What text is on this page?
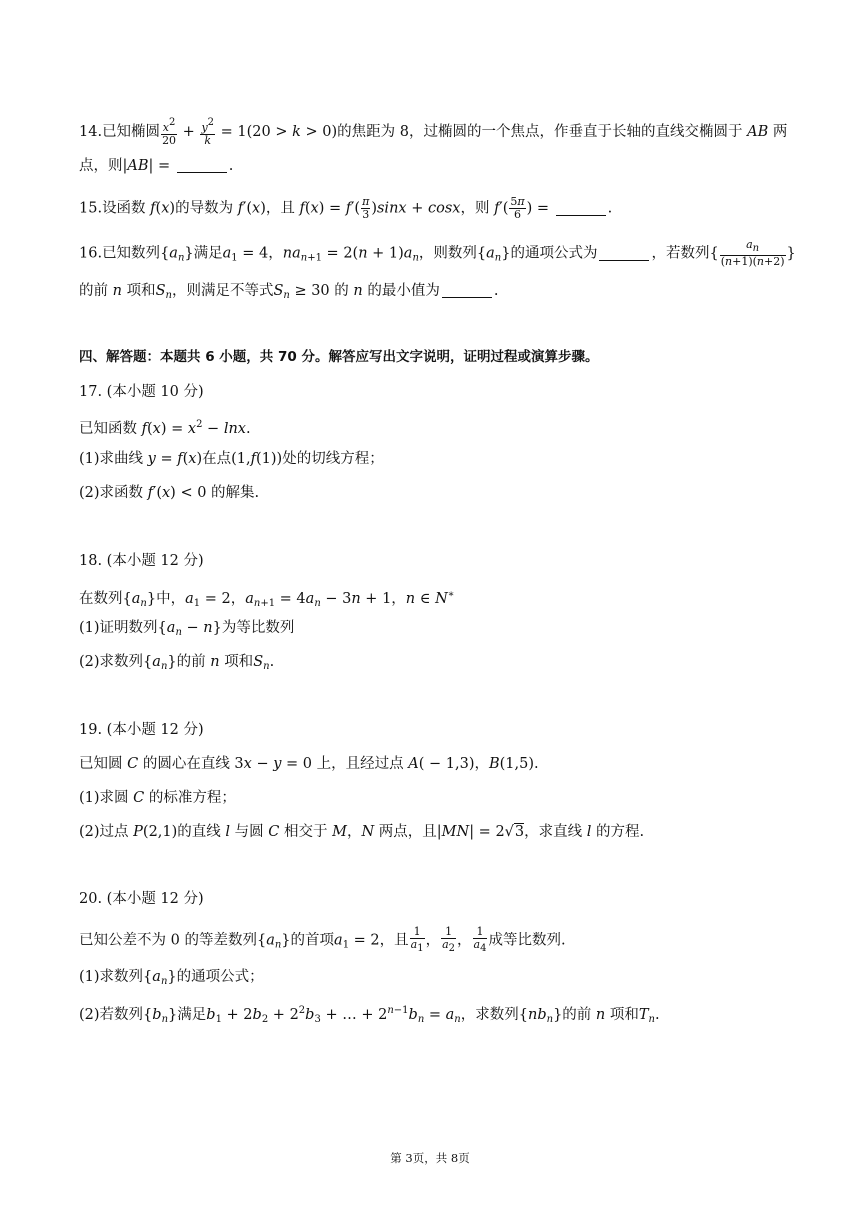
14.已知椭圆 $\frac{x^2}{20} + \frac{y^2}{k} = 1(20 > k > 0)$的焦距为 8，过椭圆的一个焦点，作垂直于长轴的直线交椭圆于 AB 两
点，则|AB| =	.
15.设函数 f(x)的导数为 f′(x)，且 $f(x) = f'( \frac{\pi}{3} )\sin x + \cos x$，则 $f'( \frac{5\pi}{6}$ ) =	.
16.已知数列$\{a_n\}$满足$a_1 = 4$，$na_{n+1} = 2(n + 1)a_n$，则数列$\{a_n\}$的通项公式为	，若数列{ $\frac{a_n}{(n+1)(n+2)}$ }
的前 n 项和$S_n$，则满足不等式$S_n \ge 30$ 的 n 的最小值为	.
四、解答题：本题共 6 小题，共 70 分。解答应写出文字说明，证明过程或演算步骤。
17. (本小题 10 分)
已知函数 $f(x) = x^2 - \ln x$.
(1)求曲线 y = f(x)在点(1,f(1))处的切线方程；
(2)求函数 f′(x) < 0 的解集.
18. (本小题 12 分)
在数列$\{a_n\}$中，$a_1 = 2$，$a_{n+1} = 4a_n - 3n + 1$，n ∈ N∗
(1)证明数列$\{a_n - n\}$为等比数列
(2)求数列$\{a_n\}$的前 n 项和$S_n$.
19. (本小题 12 分)
已知圆 C 的圆心在直线 3x − y = 0 上，且经过点 A( − 1,3)，B(1,5).
(1)求圆 C 的标准方程；
(2)过点 P(2,1)的直线 l 与圆 C 相交于 M，N 两点，且|MN| = 2√3，求直线 l 的方程.
20. (本小题 12 分)
已知公差不为 0 的等差数列$\{a_n\}$的首项$a_1 = 2$，且 $\frac{1}{a_1}$ ， $\frac{1}{a_2}$ ， $\frac{1}{a_4}$ 成等比数列.
(1)求数列$\{a_n\}$的通项公式；
(2)若数列$\{b_n\}$满足$b_1 + 2b_2 + 2^2b_3$ + … + $2^{n-1}b_n = a_n$，求数列$\{nb_n\}$的前 n 项和$T_n$.
第 3页，共 8页
